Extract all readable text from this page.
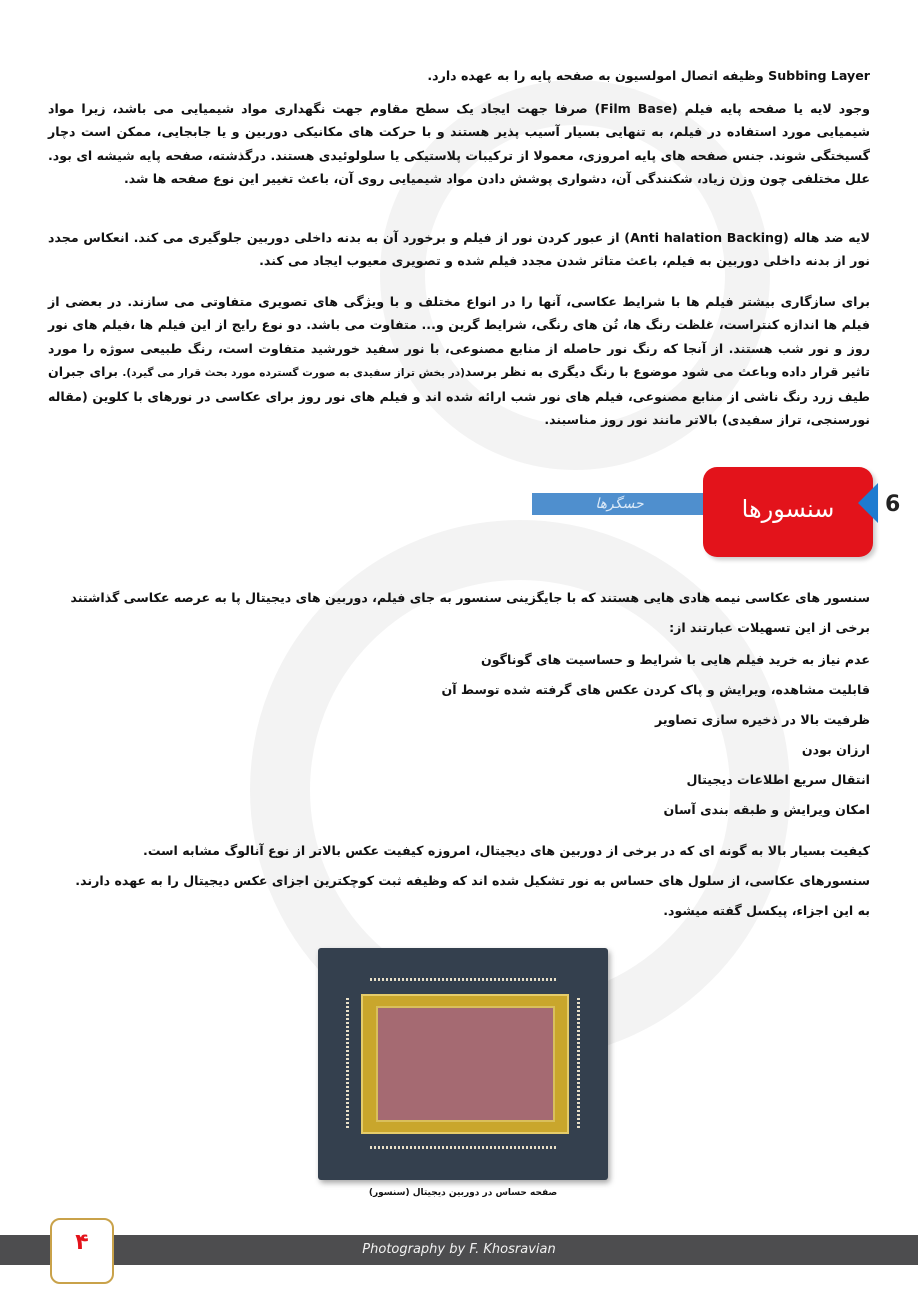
Subbing Layer وظیفه اتصال امولسیون به صفحه پایه را به عهده دارد.

وجود لایه یا صفحه پایه فیلم (Film Base) صرفا جهت ایجاد یک سطح مقاوم جهت نگهداری مواد شیمیایی می باشد، زیرا مواد شیمیایی مورد استفاده در فیلم، به تنهایی بسیار آسیب پذیر هستند و با حرکت های مکانیکی دوربین و یا جابجایی، ممکن است دچار گسیختگی شوند. جنس صفحه های پایه امروزی، معمولا از ترکیبات پلاستیکی یا سلولوئیدی هستند. درگذشته، صفحه پایه شیشه ای بود. علل مختلفی چون وزن زیاد، شکنندگی آن، دشواری پوشش دادن مواد شیمیایی روی آن، باعث تغییر این نوع صفحه ها شد.

لایه ضد هاله (Anti halation Backing) از عبور کردن نور از فیلم و برخورد آن به بدنه داخلی دوربین جلوگیری می کند. انعکاس مجدد نور از بدنه داخلی دوربین به فیلم، باعث متاثر شدن مجدد فیلم شده و تصویری معیوب ایجاد می کند.

برای سازگاری بیشتر فیلم ها با شرایط عکاسی، آنها را در انواع مختلف و با ویژگی های تصویری متفاوتی می سازند. در بعضی از فیلم ها اندازه کنتراست، غلظت رنگ ها، تُن های رنگی، شرایط گرین و... متفاوت می باشد. دو نوع رایج از این فیلم ها ،فیلم های نور روز و نور شب هستند. از آنجا که رنگ نور حاصله از منابع مصنوعی، با نور سفید خورشید متفاوت است، رنگ طبیعی سوژه را مورد تاثیر قرار داده وباعث می شود موضوع با رنگ دیگری به نظر برسد(در بخش تراز سفیدی به صورت گسترده مورد بحث قرار می گیرد). برای جبران طیف زرد رنگ ناشی از منابع مصنوعی، فیلم های نور شب ارائه شده اند و فیلم های نور روز برای عکاسی در نورهای با کلوین (مقاله نورسنجی، تراز سفیدی) بالاتر مانند نور روز مناسبند.

حسگرها	سنسورها	6
سنسور های عکاسی نیمه هادی هایی هستند که با جایگزینی سنسور به جای فیلم، دوربین های دیجیتال پا به عرصه عکاسی گذاشتند
برخی از این تسهیلات عبارتند از:
عدم نیاز به خرید فیلم هایی با شرایط و حساسیت های گوناگون
قابلیت مشاهده، ویرایش و پاک کردن عکس های گرفته شده توسط آن
ظرفیت بالا در ذخیره سازی تصاویر
ارزان بودن
انتقال سریع اطلاعات دیجیتال
امکان ویرایش و طبقه بندی آسان
کیفیت بسیار بالا به گونه ای که در برخی از دوربین های دیجیتال، امروزه کیفیت عکس بالاتر از نوع آنالوگ مشابه است.
سنسورهای عکاسی، از سلول های حساس به نور تشکیل شده اند که وظیفه ثبت کوچکترین اجزای عکس دیجیتال را به عهده دارند.
به این اجزاء، پیکسل گفته میشود.
صفحه حساس در دوربین دیجیتال (سنسور)
Photography by F. Khosravian
۴
